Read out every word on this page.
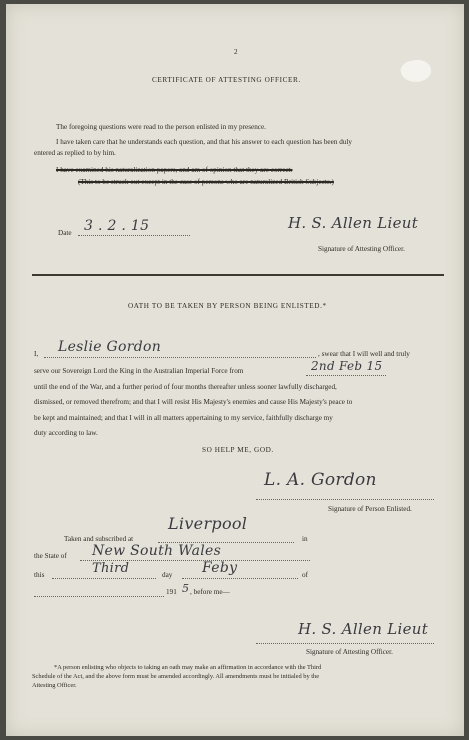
2
CERTIFICATE OF ATTESTING OFFICER.
The foregoing questions were read to the person enlisted in my presence.
I have taken care that he understands each question, and that his answer to each question has been duly
entered as replied to by him.
I have examined his naturalization papers, and am of opinion that they are correct.
(This to be struck out except in the case of persons who are naturalized British Subjects.)
Date 3 . 2 . 15	H. S. Allen Lieut
Signature of Attesting Officer.
OATH TO BE TAKEN BY PERSON BEING ENLISTED.*
I, Leslie Gordon	, swear that I will well and truly
serve our Sovereign Lord the King in the Australian Imperial Force from	2nd Feb 15
until the end of the War, and a further period of four months thereafter unless sooner lawfully discharged,
dismissed, or removed therefrom; and that I will resist His Majesty's enemies and cause His Majesty's peace to
be kept and maintained; and that I will in all matters appertaining to my service, faithfully discharge my
duty according to law.
SO HELP ME, GOD.
L. A. Gordon
Signature of Person Enlisted.
Taken and subscribed at
Liverpool
in
the State of New South Wales
this	Third	day Feby	of
191 5 , before me—
H. S. Allen Lieut
Signature of Attesting Officer.
*A person enlisting who objects to taking an oath may make an affirmation in accordance with the Third
Schedule of the Act, and the above form must be amended accordingly. All amendments must be initialed by the
Attesting Officer.
